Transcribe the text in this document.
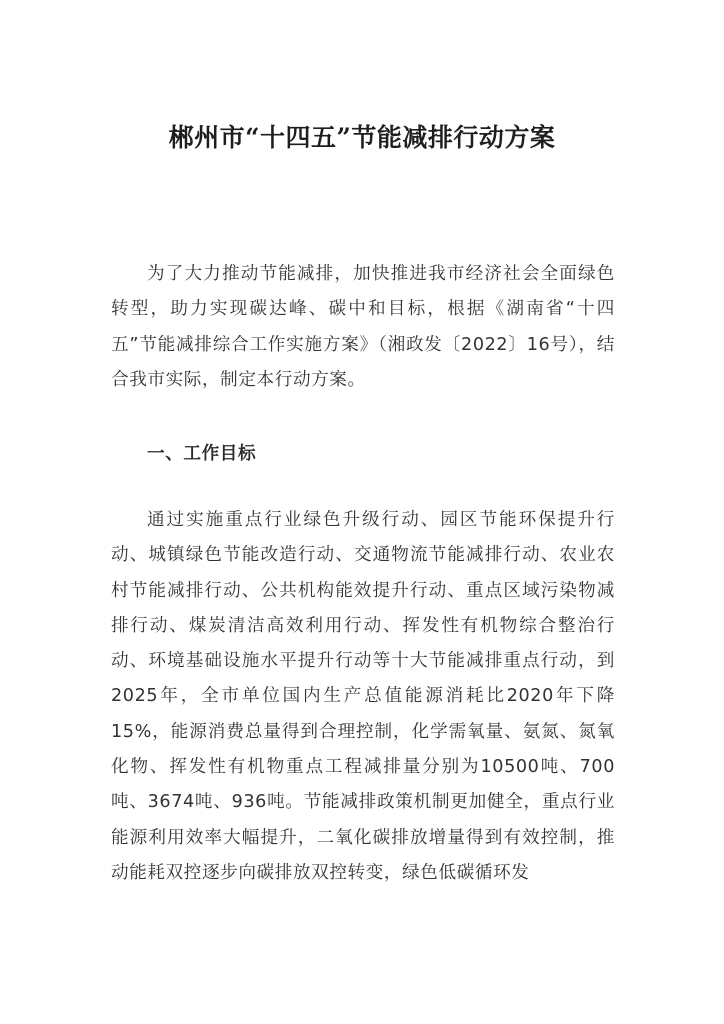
郴州市“十四五”节能减排行动方案

为了大力推动节能减排，加快推进我市经济社会全面绿色转型，助力实现碳达峰、碳中和目标，根据《湖南省“十四五”节能减排综合工作实施方案》（湘政发〔2022〕16号），结合我市实际，制定本行动方案。

一、工作目标

通过实施重点行业绿色升级行动、园区节能环保提升行动、城镇绿色节能改造行动、交通物流节能减排行动、农业农村节能减排行动、公共机构能效提升行动、重点区域污染物减排行动、煤炭清洁高效利用行动、挥发性有机物综合整治行动、环境基础设施水平提升行动等十大节能减排重点行动，到2025年，全市单位国内生产总值能源消耗比2020年下降15%，能源消费总量得到合理控制，化学需氧量、氨氮、氮氧化物、挥发性有机物重点工程减排量分别为10500吨、700吨、3674吨、936吨。节能减排政策机制更加健全，重点行业能源利用效率大幅提升，二氧化碳排放增量得到有效控制，推动能耗双控逐步向碳排放双控转变，绿色低碳循环发
